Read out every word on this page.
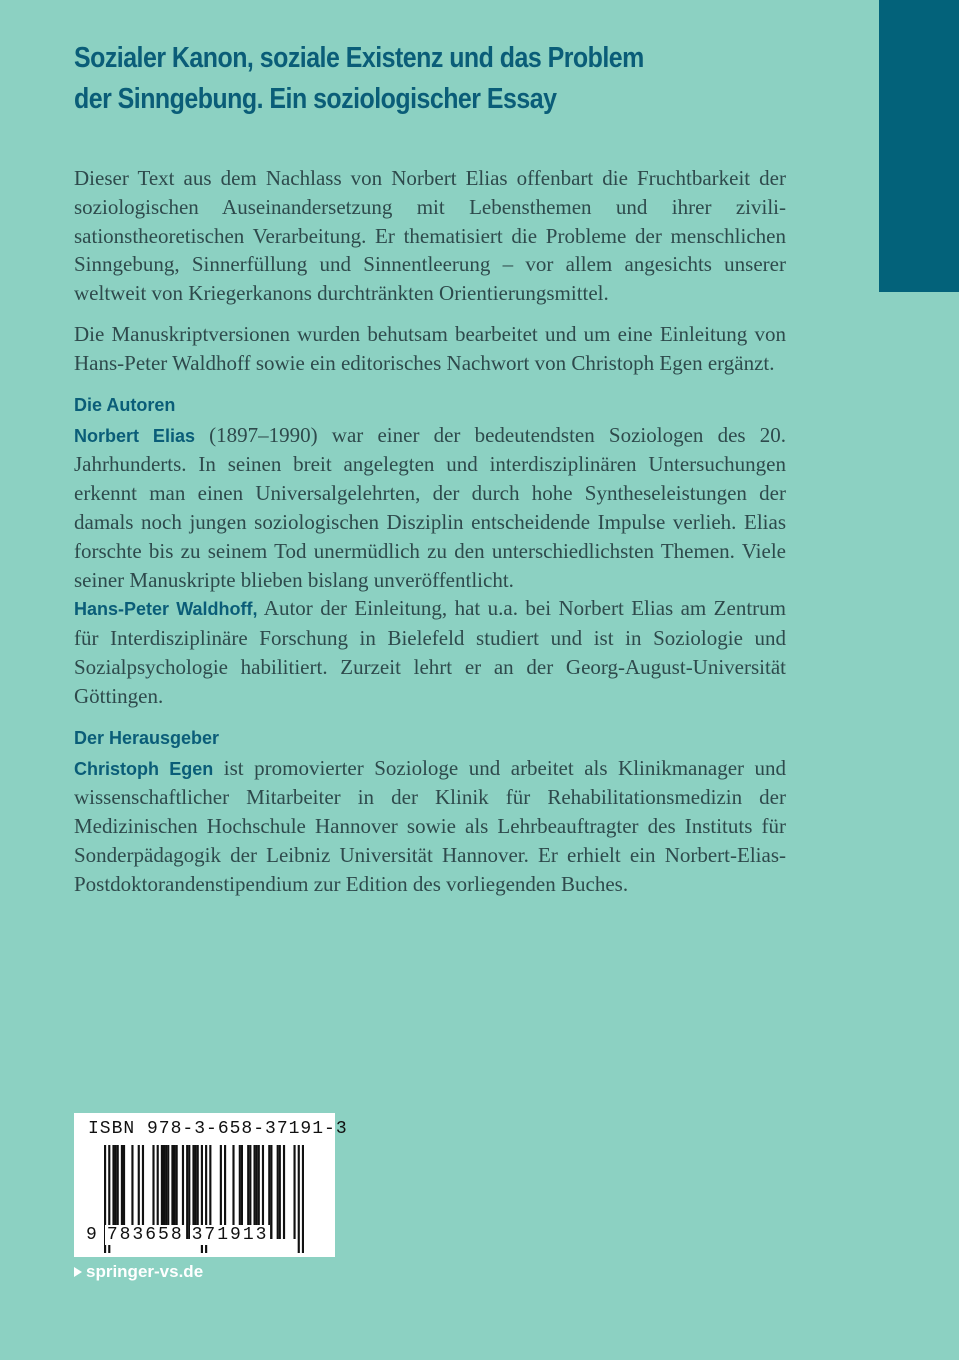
Sozialer Kanon, soziale Existenz und das Problem
der Sinngebung. Ein soziologischer Essay

Dieser Text aus dem Nachlass von Norbert Elias offenbart die Fruchtbarkeit der soziologischen Auseinandersetzung mit Lebensthemen und ihrer zivilisationstheoretischen Verarbeitung. Er thematisiert die Probleme der menschlichen Sinngebung, Sinnerfüllung und Sinnentleerung – vor allem angesichts unserer weltweit von Kriegerkanons durchtränkten Orientierungsmittel.

Die Manuskriptversionen wurden behutsam bearbeitet und um eine Einleitung von Hans-Peter Waldhoff sowie ein editorisches Nachwort von Christoph Egen ergänzt.

Die Autoren

Norbert Elias (1897–1990) war einer der bedeutendsten Soziologen des 20. Jahrhunderts. In seinen breit angelegten und interdisziplinären Untersuchungen erkennt man einen Universalgelehrten, der durch hohe Syntheseleistungen der damals noch jungen soziologischen Disziplin entscheidende Impulse verlieh. Elias forschte bis zu seinem Tod unermüdlich zu den unterschiedlichsten Themen. Viele seiner Manuskripte blieben bislang unveröffentlicht.

Hans-Peter Waldhoff, Autor der Einleitung, hat u.a. bei Norbert Elias am Zentrum für Interdisziplinäre Forschung in Bielefeld studiert und ist in Soziologie und Sozialpsychologie habilitiert. Zurzeit lehrt er an der Georg-August-Universität Göttingen.

Der Herausgeber

Christoph Egen ist promovierter Soziologe und arbeitet als Klinikmanager und wissenschaftlicher Mitarbeiter in der Klinik für Rehabilitationsmedizin der Medizinischen Hochschule Hannover sowie als Lehrbeauftragter des Instituts für Sonderpädagogik der Leibniz Universität Hannover. Er erhielt ein Norbert-Elias-Postdoktorandenstipendium zur Edition des vorliegenden Buches.

ISBN 978-3-658-37191-3
9 783658 371913
springer-vs.de
